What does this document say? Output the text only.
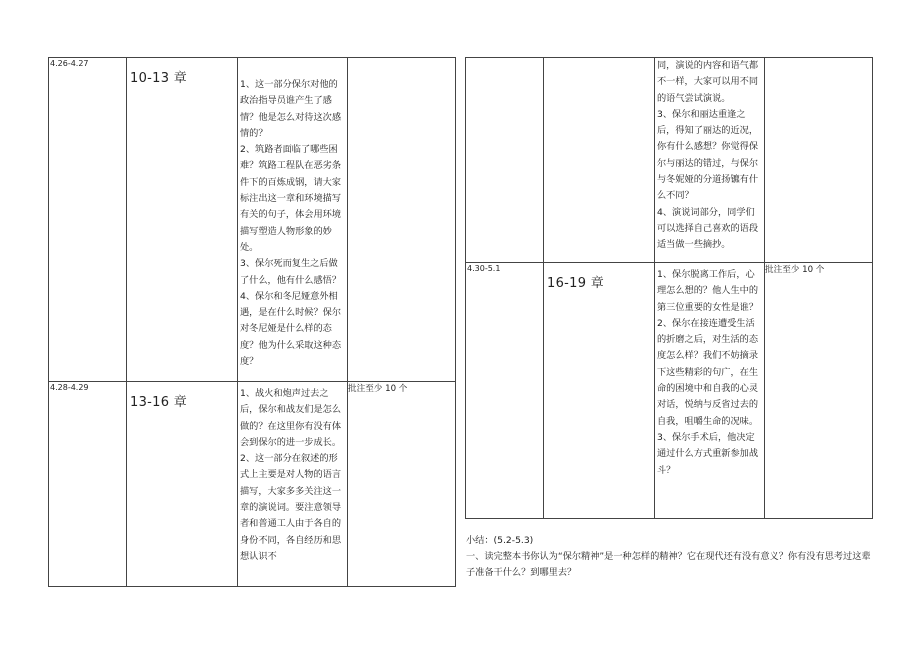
4.26-4.27	10-13 章	1、这一部分保尔对他的政治指导员谁产生了感情？他是怎么对待这次感情的？
2、筑路者面临了哪些困难？筑路工程队在恶劣条件下的百炼成钢，请大家标注出这一章和环境描写有关的句子，体会用环境描写塑造人物形象的妙处。
3、保尔死而复生之后做了什么，他有什么感悟？
4、保尔和冬尼娅意外相遇，是在什么时候？保尔对冬尼娅是什么样的态度？他为什么采取这种态度？	

4.28-4.29	13-16 章	1、战火和炮声过去之后，保尔和战友们是怎么做的？在这里你有没有体会到保尔的进一步成长。
2、这一部分在叙述的形式上主要是对人物的语言描写，大家多多关注这一章的演说词。要注意领导者和普通工人由于各自的身份不同，各自经历和思想认识不	批注至少 10 个

		同，演说的内容和语气都不一样，大家可以用不同的语气尝试演说。
3、保尔和丽达重逢之后，得知了丽达的近况，你有什么感想？你觉得保尔与丽达的错过，与保尔与冬妮娅的分道扬镳有什么不同？
4、演说词部分，同学们可以选择自己喜欢的语段适当做一些摘抄。	

4.30-5.1	16-19 章	1、保尔脱离工作后，心理怎么想的？他人生中的第三位重要的女性是谁？
2、保尔在接连遭受生活的折磨之后，对生活的态度怎么样？我们不妨摘录下这些精彩的句广，在生命的困境中和自我的心灵对话，悦纳与反省过去的自我，咀嚼生命的况味。
3、保尔手术后，他决定通过什么方式重新参加战斗？	批注至少 10 个
小结：(5.2-5.3)
一、读完整本书你认为“保尔精神”是一种怎样的精神？它在现代还有没有意义？你有没有思考过这辈子准备干什么？到哪里去？
